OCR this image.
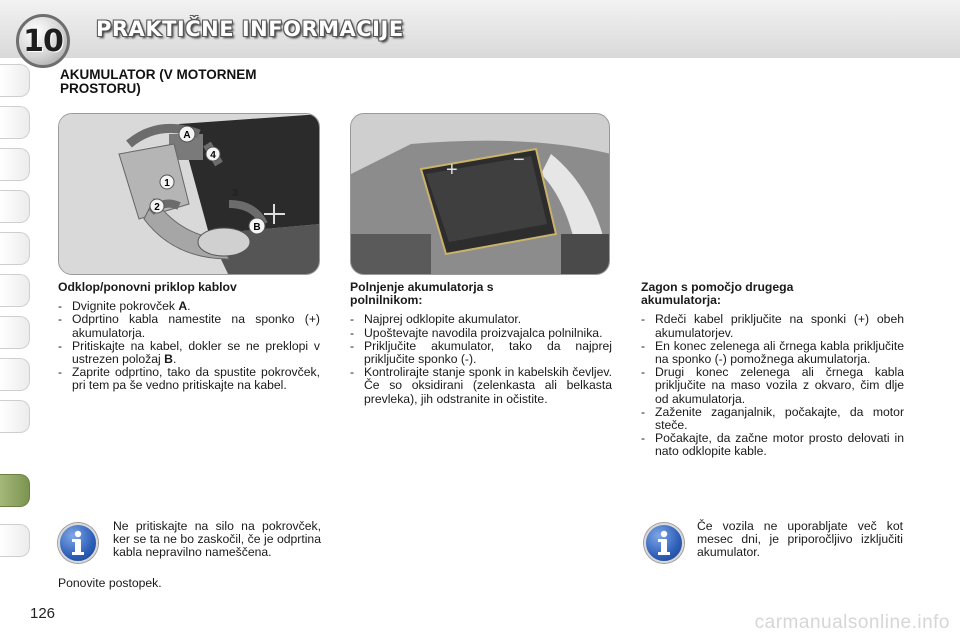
10 PRAKTIČNE INFORMACIJE
AKUMULATOR (V MOTORNEM
PROSTORU)
A
4
2
B
1
3
+	−
Odklop/ponovni priklop kablov
- Dvignite pokrovček A.
- Odprtino kabla namestite na sponko (+) akumulatorja.
- Pritiskajte na kabel, dokler se ne preklopi v ustrezen položaj B.
- Zaprite odprtino, tako da spustite pokrovček, pri tem pa še vedno pritiskajte na kabel.
Polnjenje akumulatorja s
polnilnikom:
- Najprej odklopite akumulator.
- Upoštevajte navodila proizvajalca polnilnika.
- Priključite akumulator, tako da najprej priključite sponko (-).
- Kontrolirajte stanje sponk in kabelskih čevljev. Če so oksidirani (zelenkasta ali belkasta prevleka), jih odstranite in očistite.
Zagon s pomočjo drugega
akumulatorja:
- Rdeči kabel priključite na sponki (+) obeh akumulatorjev.
- En konec zelenega ali črnega kabla priključite na sponko (-) pomožnega akumulatorja.
- Drugi konec zelenega ali črnega kabla priključite na maso vozila z okvaro, čim dlje od akumulatorja.
- Zaženite zaganjalnik, počakajte, da motor steče.
- Počakajte, da začne motor prosto delovati in nato odklopite kable.
Ne pritiskajte na silo na pokrovček, ker se ta ne bo zaskočil, če je odprtina kabla nepravilno nameščena.
Ponovite postopek.
Če vozila ne uporabljate več kot mesec dni, je priporočljivo izključiti akumulator.
126	carmanualsonline.info
